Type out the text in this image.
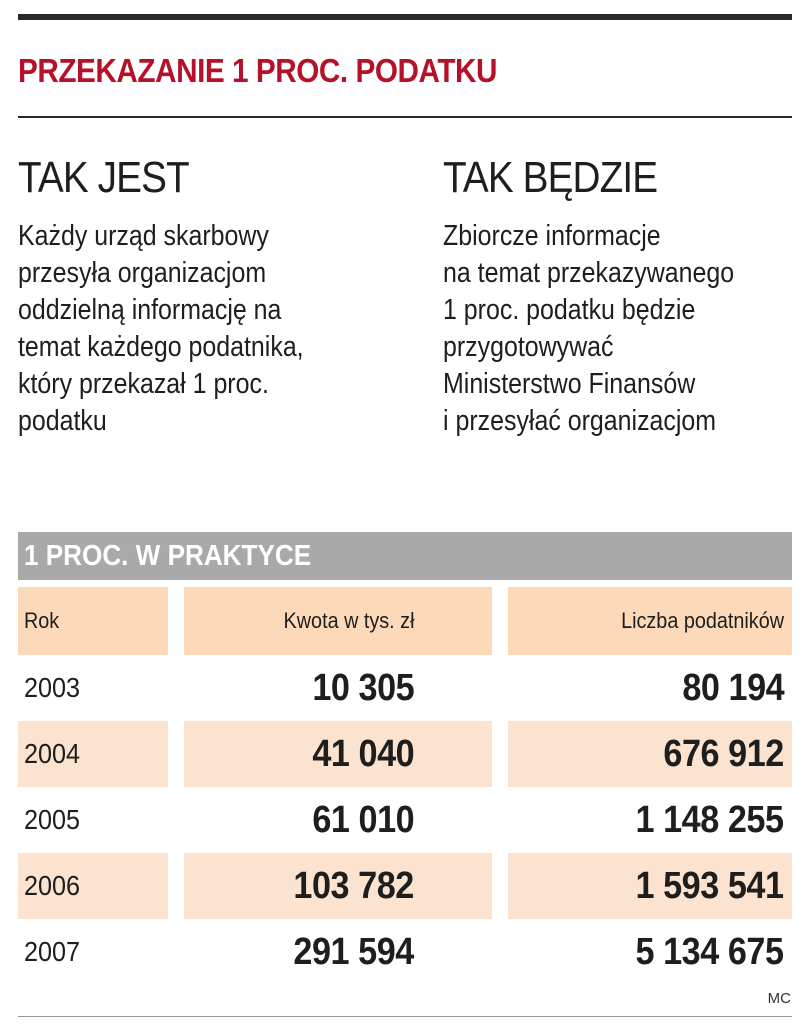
PRZEKAZANIE 1 PROC. PODATKU
TAK JEST

Każdy urząd skarbowy
przesyła organizacjom
oddzielną informację na
temat każdego podatnika,
który przekazał 1 proc.
podatku

TAK BĘDZIE

Zbiorcze informacje
na temat przekazywanego
1 proc. podatku będzie
przygotowywać
Ministerstwo Finansów
i przesyłać organizacjom

1 PROC. W PRAKTYCE
Rok	Kwota w tys. zł	Liczba podatników
2003	10 305	80 194
2004	41 040	676 912
2005	61 010	1 148 255
2006	103 782	1 593 541
2007	291 594	5 134 675
MC
